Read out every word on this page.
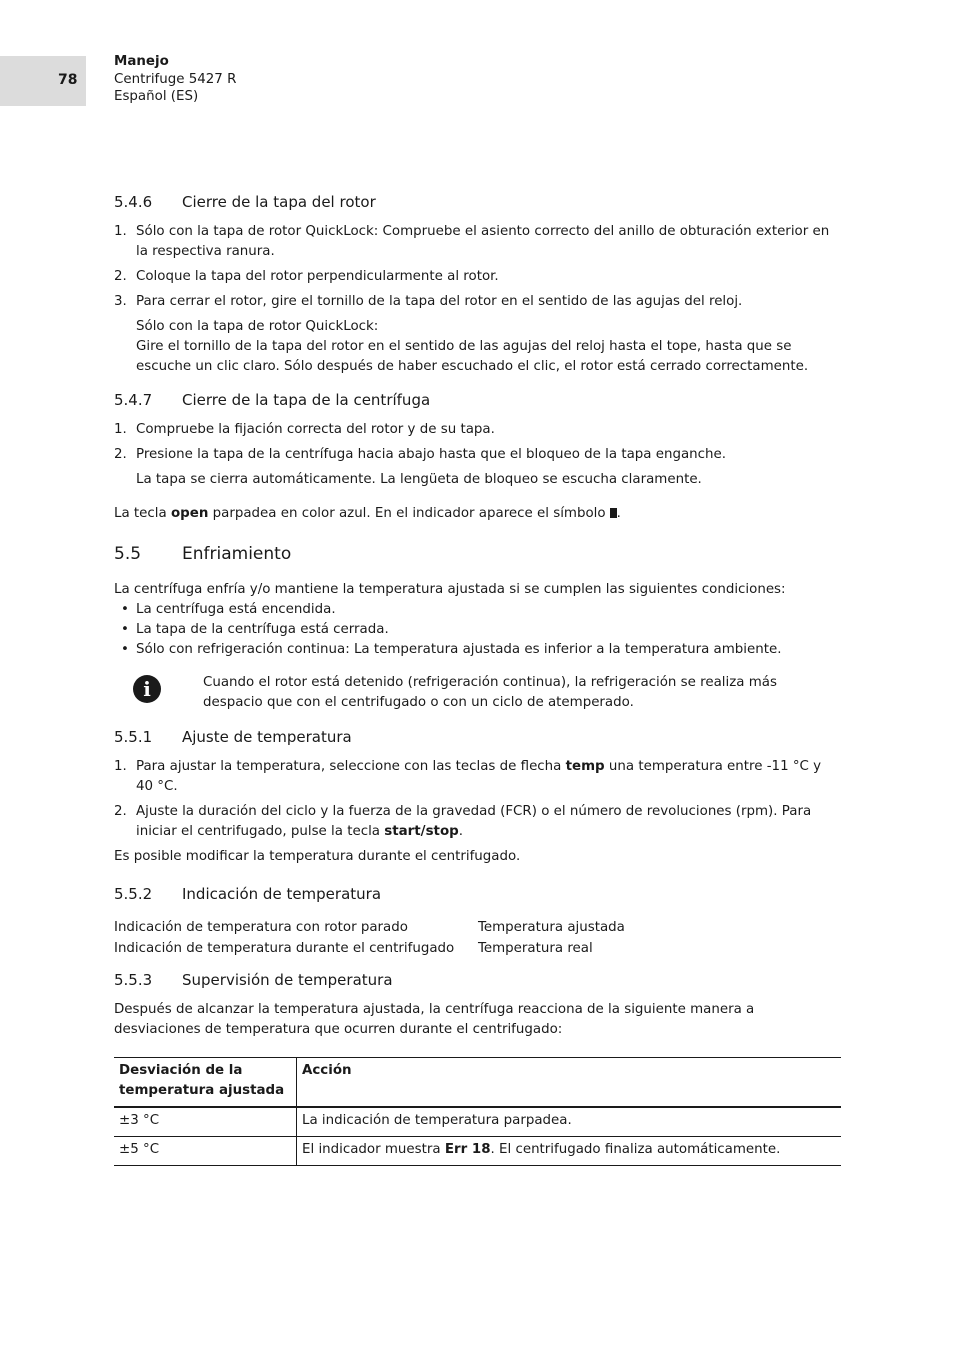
78
Manejo
Centrifuge 5427 R
Español (ES)
5.4.6	Cierre de la tapa del rotor
1. Sólo con la tapa de rotor QuickLock: Compruebe el asiento correcto del anillo de obturación exterior en la respectiva ranura.
2. Coloque la tapa del rotor perpendicularmente al rotor.
3. Para cerrar el rotor, gire el tornillo de la tapa del rotor en el sentido de las agujas del reloj.
Sólo con la tapa de rotor QuickLock:
Gire el tornillo de la tapa del rotor en el sentido de las agujas del reloj hasta el tope, hasta que se escuche un clic claro. Sólo después de haber escuchado el clic, el rotor está cerrado correctamente.
5.4.7	Cierre de la tapa de la centrífuga
1. Compruebe la fijación correcta del rotor y de su tapa.
2. Presione la tapa de la centrífuga hacia abajo hasta que el bloqueo de la tapa enganche.
La tapa se cierra automáticamente. La lengüeta de bloqueo se escucha claramente.
La tecla open parpadea en color azul. En el indicador aparece el símbolo .
5.5	Enfriamiento
La centrífuga enfría y/o mantiene la temperatura ajustada si se cumplen las siguientes condiciones:
• La centrífuga está encendida.
• La tapa de la centrífuga está cerrada.
• Sólo con refrigeración continua: La temperatura ajustada es inferior a la temperatura ambiente.
i	Cuando el rotor está detenido (refrigeración continua), la refrigeración se realiza más despacio que con el centrifugado o con un ciclo de atemperado.
5.5.1	Ajuste de temperatura
1. Para ajustar la temperatura, seleccione con las teclas de flecha temp una temperatura entre -11 °C y 40 °C.
2. Ajuste la duración del ciclo y la fuerza de la gravedad (FCR) o el número de revoluciones (rpm). Para iniciar el centrifugado, pulse la tecla start/stop.
Es posible modificar la temperatura durante el centrifugado.
5.5.2	Indicación de temperatura
Indicación de temperatura con rotor parado	Temperatura ajustada
Indicación de temperatura durante el centrifugado	Temperatura real
5.5.3	Supervisión de temperatura
Después de alcanzar la temperatura ajustada, la centrífuga reacciona de la siguiente manera a desviaciones de temperatura que ocurren durante el centrifugado:
Desviación de la temperatura ajustada	Acción
±3 °C	La indicación de temperatura parpadea.
±5 °C	El indicador muestra Err 18. El centrifugado finaliza automáticamente.
